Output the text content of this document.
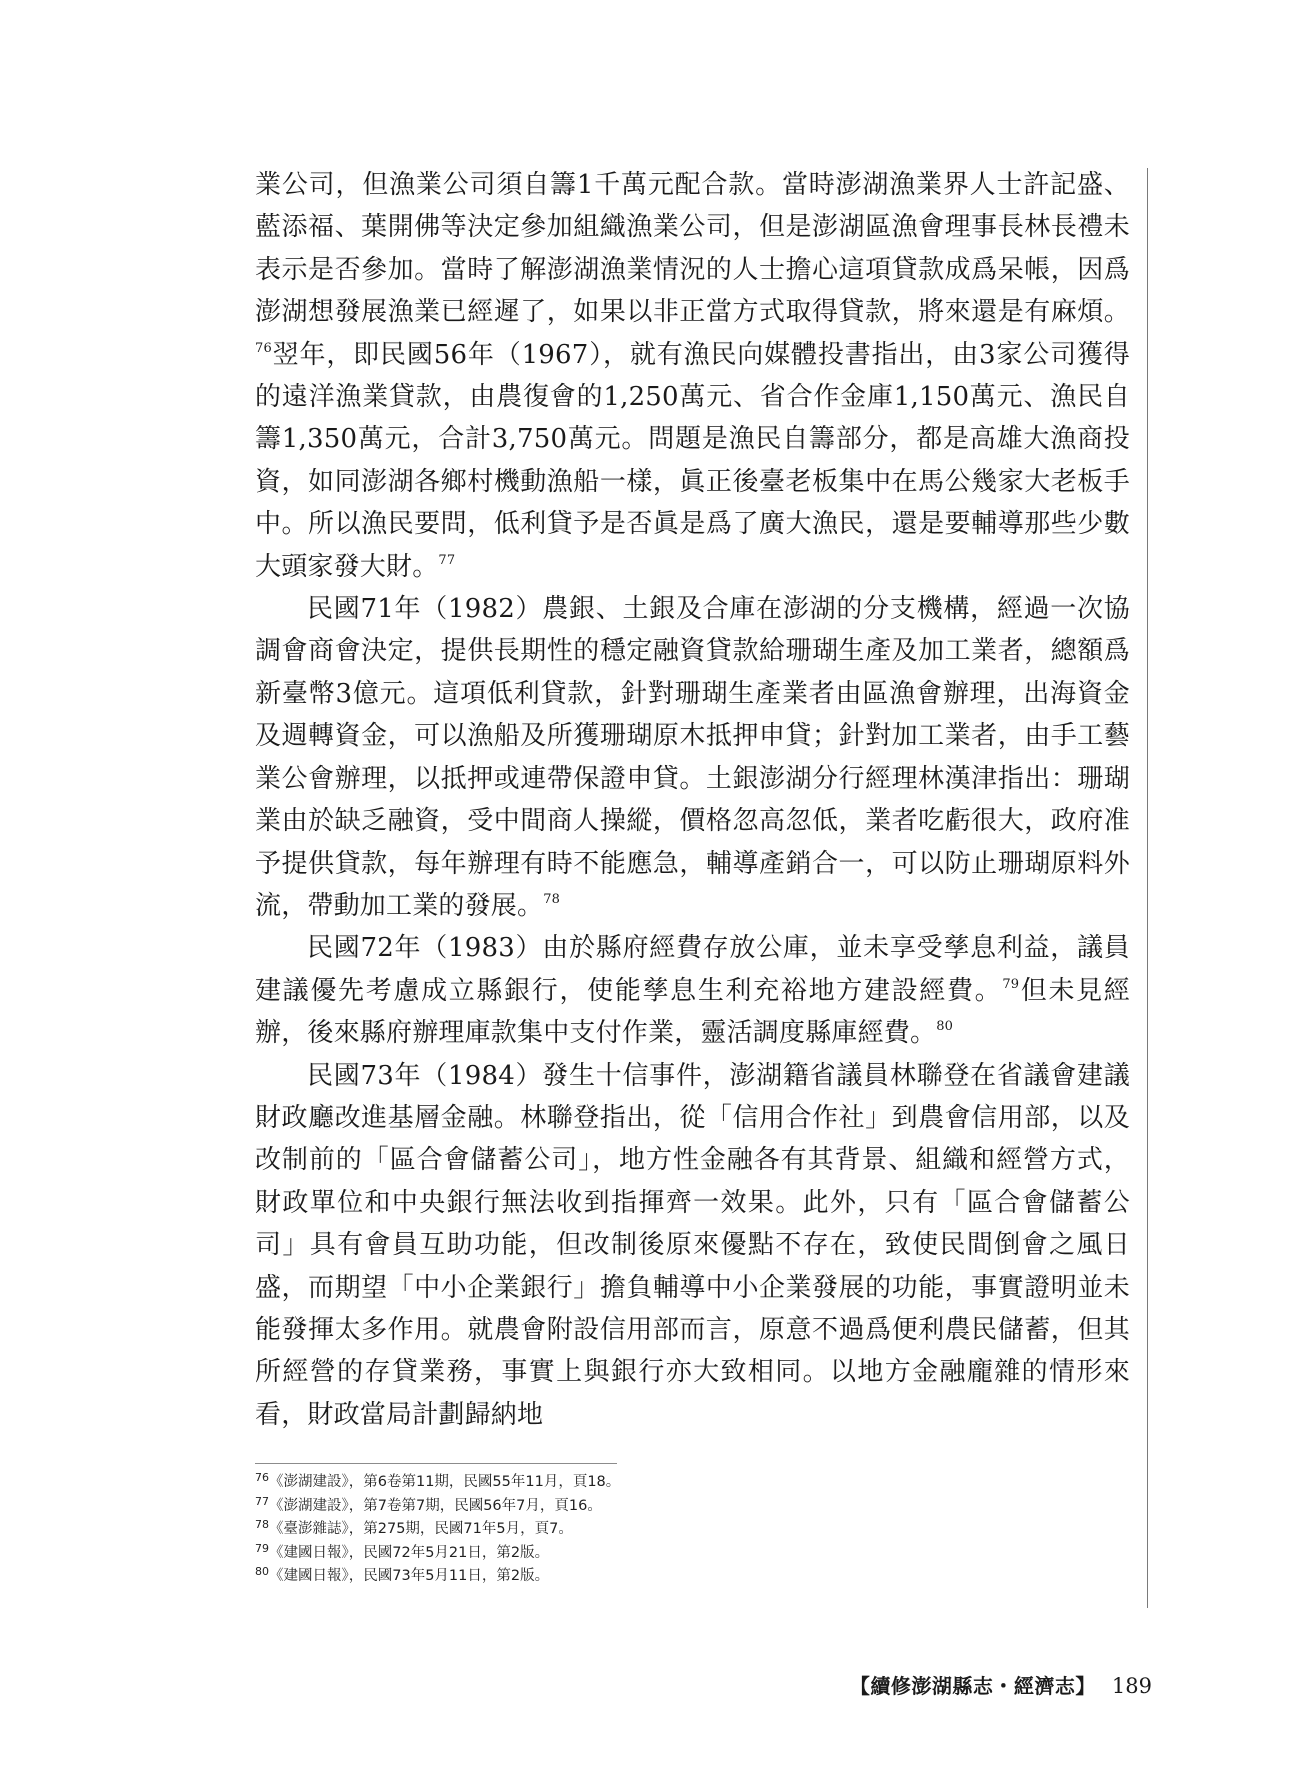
業公司，但漁業公司須自籌1千萬元配合款。當時澎湖漁業界人士許記盛、藍添福、葉開佛等決定參加組織漁業公司，但是澎湖區漁會理事長林長禮未表示是否參加。當時了解澎湖漁業情況的人士擔心這項貸款成爲呆帳，因爲澎湖想發展漁業已經遲了，如果以非正當方式取得貸款，將來還是有麻煩。$^{76}$翌年，即民國56年（1967），就有漁民向媒體投書指出，由3家公司獲得的遠洋漁業貸款，由農復會的1,250萬元、省合作金庫1,150萬元、漁民自籌1,350萬元，合計3,750萬元。問題是漁民自籌部分，都是高雄大漁商投資，如同澎湖各鄉村機動漁船一樣，眞正後臺老板集中在馬公幾家大老板手中。所以漁民要問，低利貸予是否眞是爲了廣大漁民，還是要輔導那些少數大頭家發大財。$^{77}$

民國71年（1982）農銀、土銀及合庫在澎湖的分支機構，經過一次協調會商會決定，提供長期性的穩定融資貸款給珊瑚生產及加工業者，總額爲新臺幣3億元。這項低利貸款，針對珊瑚生產業者由區漁會辦理，出海資金及週轉資金，可以漁船及所獲珊瑚原木抵押申貸；針對加工業者，由手工藝業公會辦理，以抵押或連帶保證申貸。土銀澎湖分行經理林漢津指出：珊瑚業由於缺乏融資，受中間商人操縱，價格忽高忽低，業者吃虧很大，政府准予提供貸款，每年辦理有時不能應急，輔導產銷合一，可以防止珊瑚原料外流，帶動加工業的發展。$^{78}$

民國72年（1983）由於縣府經費存放公庫，並未享受孳息利益，議員建議優先考慮成立縣銀行，使能孳息生利充裕地方建設經費。$^{79}$但未見經辦，後來縣府辦理庫款集中支付作業，靈活調度縣庫經費。$^{80}$

民國73年（1984）發生十信事件，澎湖籍省議員林聯登在省議會建議財政廳改進基層金融。林聯登指出，從「信用合作社」到農會信用部，以及改制前的「區合會儲蓄公司」，地方性金融各有其背景、組織和經營方式，財政單位和中央銀行無法收到指揮齊一效果。此外，只有「區合會儲蓄公司」具有會員互助功能，但改制後原來優點不存在，致使民間倒會之風日盛，而期望「中小企業銀行」擔負輔導中小企業發展的功能，事實證明並未能發揮太多作用。就農會附設信用部而言，原意不過爲便利農民儲蓄，但其所經營的存貸業務，事實上與銀行亦大致相同。以地方金融龐雜的情形來看，財政當局計劃歸納地

$^{76}$《澎湖建設》，第6卷第11期，民國55年11月，頁18。

$^{77}$《澎湖建設》，第7卷第7期，民國56年7月，頁16。

$^{78}$《臺澎雜誌》，第275期，民國71年5月，頁7。

$^{79}$《建國日報》，民國72年5月21日，第2版。

$^{80}$《建國日報》，民國73年5月11日，第2版。

【續修澎湖縣志・經濟志】 189
